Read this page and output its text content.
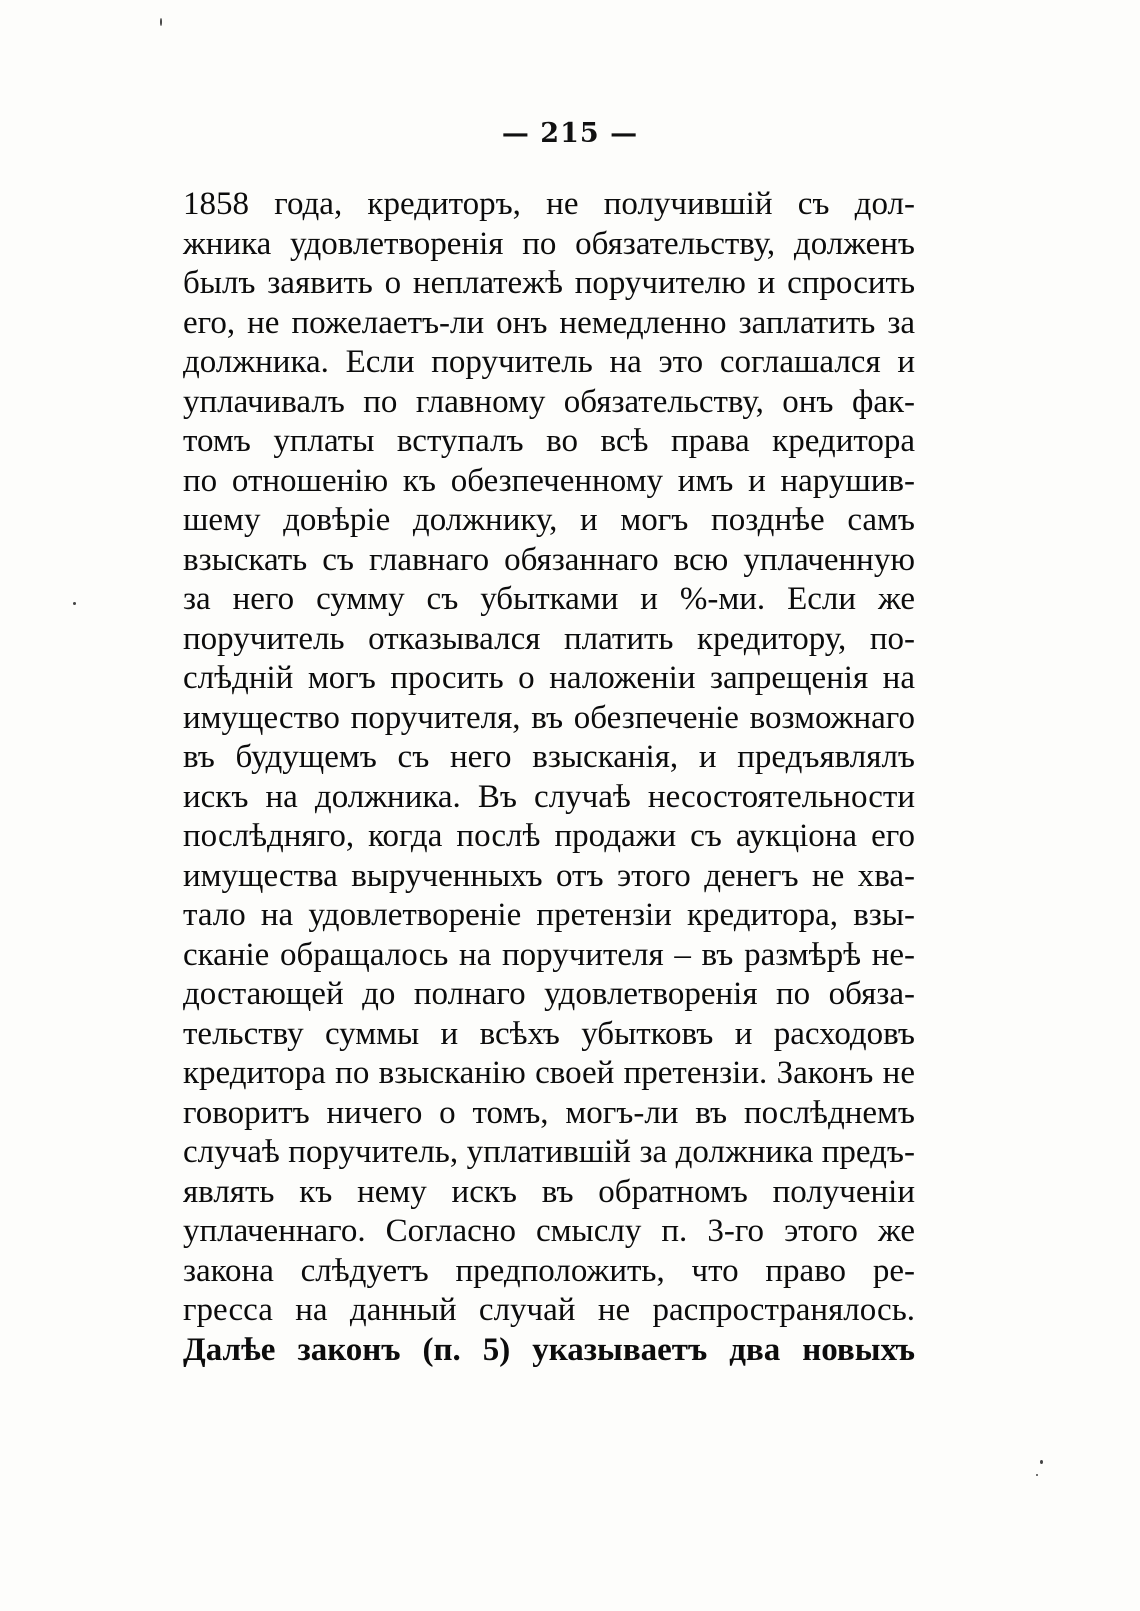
— 215 —
1858 года, кредиторъ, не получившій съ дол-
жника удовлетворенія по обязательству, долженъ
былъ заявить о неплатежѣ поручителю и спросить
его, не пожелаетъ-ли онъ немедленно заплатить за
должника. Если поручитель на это соглашался и
уплачивалъ по главному обязательству, онъ фак-
томъ уплаты вступалъ во всѣ права кредитора
по отношенію къ обезпеченному имъ и нарушив-
шему довѣріе должнику, и могъ позднѣе самъ
взыскать съ главнаго обязаннаго всю уплаченную
за него сумму съ убытками и %-ми. Если же
поручитель отказывался платить кредитору, по-
слѣдній могъ просить о наложеніи запрещенія на
имущество поручителя, въ обезпеченіе возможнаго
въ будущемъ съ него взысканія, и предъявлялъ
искъ на должника. Въ случаѣ несостоятельности
послѣдняго, когда послѣ продажи съ аукціона его
имущества вырученныхъ отъ этого денегъ не хва-
тало на удовлетвореніе претензіи кредитора, взы-
сканіе обращалось на поручителя – въ размѣрѣ не-
достающей до полнаго удовлетворенія по обяза-
тельству суммы и всѣхъ убытковъ и расходовъ
кредитора по взысканію своей претензіи. Законъ не
говоритъ ничего о томъ, могъ-ли въ послѣднемъ
случаѣ поручитель, уплатившій за должника предъ-
являть къ нему искъ въ обратномъ полученіи
уплаченнаго. Согласно смыслу п. 3-го этого же
закона слѣдуетъ предположить, что право ре-
гресса на данный случай не распространялось.
Далѣе законъ (п. 5) указываетъ два новыхъ
